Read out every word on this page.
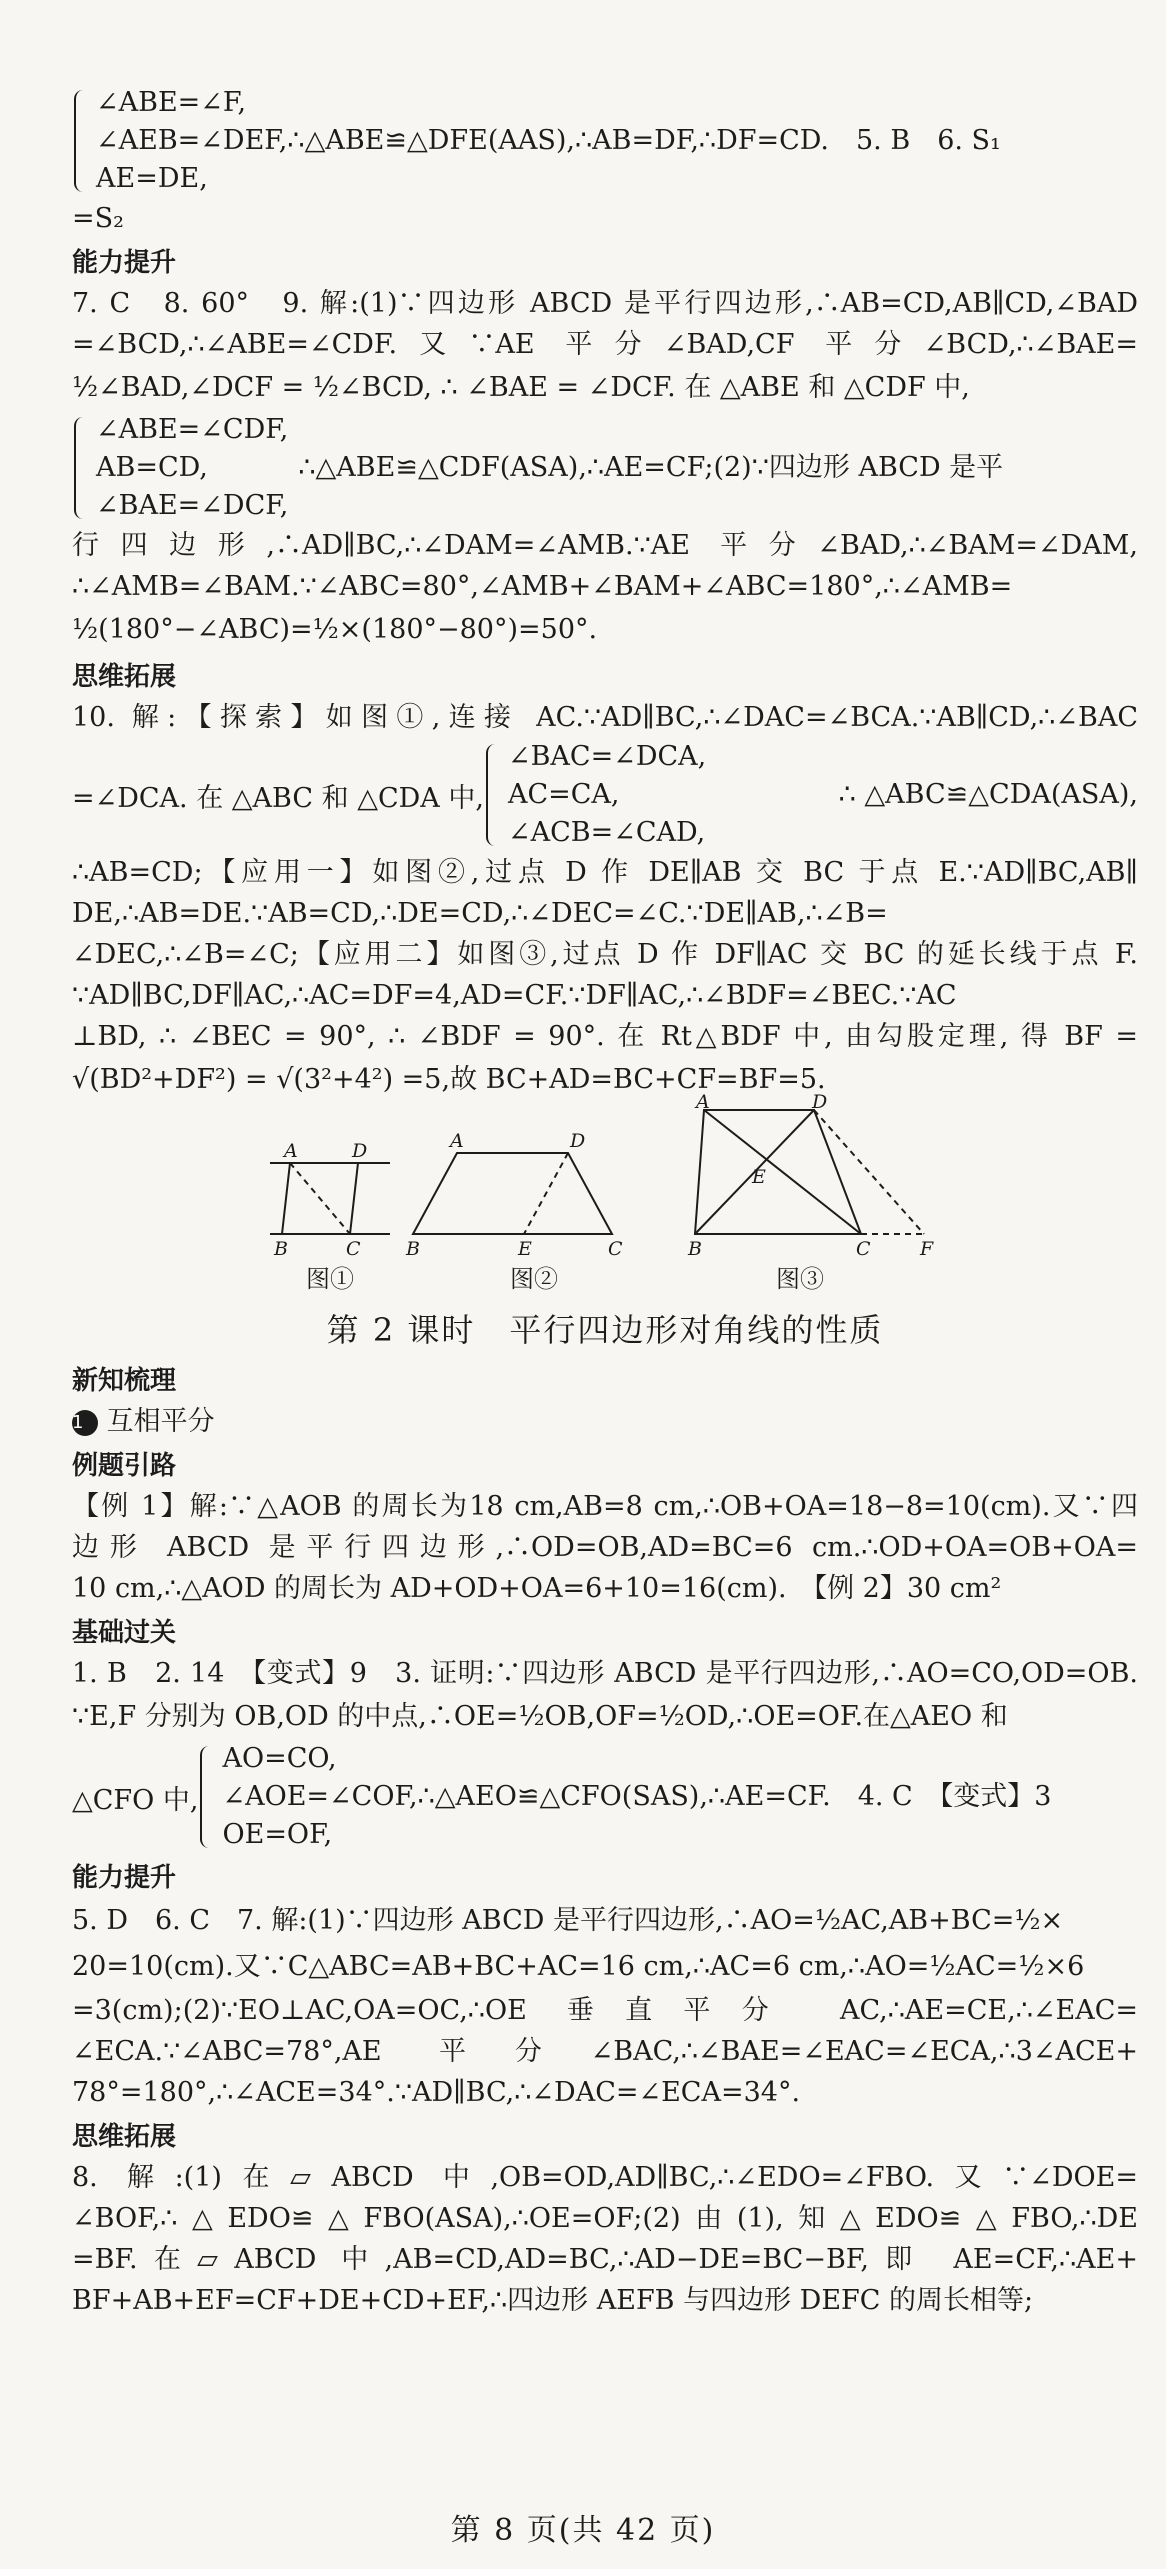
∠ABE=∠F,
∠AEB=∠DEF,∴△ABE≌△DFE(AAS),∴AB=DF,∴DF=CD.　5. B　6. S₁
AE=DE,
=S₂
能力提升
7. C　8. 60°　9. 解:(1)∵四边形 ABCD 是平行四边形,∴AB=CD,AB∥CD,∠BAD
=∠BCD,∴∠ABE=∠CDF.又∵AE 平分∠BAD,CF 平分∠BCD,∴∠BAE=
½∠BAD,∠DCF = ½∠BCD, ∴ ∠BAE = ∠DCF. 在 △ABE 和 △CDF 中,
∠ABE=∠CDF,
AB=CD,
∠BAE=∠DCF,
∴△ABE≌△CDF(ASA),∴AE=CF;(2)∵四边形 ABCD 是平
行四边形,∴AD∥BC,∴∠DAM=∠AMB.∵AE 平分∠BAD,∴∠BAM=∠DAM,
∴∠AMB=∠BAM.∵∠ABC=80°,∠AMB+∠BAM+∠ABC=180°,∴∠AMB=
½(180°−∠ABC)=½×(180°−80°)=50°.
思维拓展
10. 解:【探索】如图①,连接 AC.∵AD∥BC,∴∠DAC=∠BCA.∵AB∥CD,∴∠BAC
=∠DCA. 在 △ABC 和 △CDA 中,
∠BAC=∠DCA,
AC=CA,
∠ACB=∠CAD,
∴ △ABC≌△CDA(ASA),
∴AB=CD;【应用一】如图②,过点 D 作 DE∥AB 交 BC 于点 E.∵AD∥BC,AB∥
DE,∴AB=DE.∵AB=CD,∴DE=CD,∴∠DEC=∠C.∵DE∥AB,∴∠B=
∠DEC,∴∠B=∠C;【应用二】如图③,过点 D 作 DF∥AC 交 BC 的延长线于点 F.
∵AD∥BC,DF∥AC,∴AC=DF=4,AD=CF.∵DF∥AC,∴∠BDF=∠BEC.∵AC
⊥BD, ∴ ∠BEC = 90°, ∴ ∠BDF = 90°. 在 Rt△BDF 中, 由勾股定理, 得 BF =
√(BD²+DF²) = √(3²+4²) =5,故 BC+AD=BC+CF=BF=5.
A	D
B	C
A	D
B	E	C
A	D
E
B	C	F
图①	图②	图③
第 2 课时　平行四边形对角线的性质
新知梳理
1 互相平分
例题引路
【例 1】解:∵△AOB 的周长为18 cm,AB=8 cm,∴OB+OA=18−8=10(cm).又∵四
边形 ABCD 是平行四边形,∴OD=OB,AD=BC=6 cm.∴OD+OA=OB+OA=
10 cm,∴△AOD 的周长为 AD+OD+OA=6+10=16(cm).　【例 2】30 cm²
基础过关
1. B　2. 14　【变式】9　3. 证明:∵四边形 ABCD 是平行四边形,∴AO=CO,OD=OB.
∵E,F 分别为 OB,OD 的中点,∴OE=½OB,OF=½OD,∴OE=OF.在△AEO 和
△CFO 中,
AO=CO,
∠AOE=∠COF,∴△AEO≌△CFO(SAS),∴AE=CF.　4. C　【变式】3
OE=OF,
能力提升
5. D　6. C　7. 解:(1)∵四边形 ABCD 是平行四边形,∴AO=½AC,AB+BC=½×
20=10(cm).又∵C△ABC=AB+BC+AC=16 cm,∴AC=6 cm,∴AO=½AC=½×6
=3(cm);(2)∵EO⊥AC,OA=OC,∴OE 垂直平分 AC,∴AE=CE,∴∠EAC=
∠ECA.∵∠ABC=78°,AE 平分∠BAC,∴∠BAE=∠EAC=∠ECA,∴3∠ACE+
78°=180°,∴∠ACE=34°.∵AD∥BC,∴∠DAC=∠ECA=34°.
思维拓展
8. 解:(1)在▱ABCD 中,OB=OD,AD∥BC,∴∠EDO=∠FBO.又∵∠DOE=
∠BOF,∴△EDO≌△FBO(ASA),∴OE=OF;(2)由(1),知△EDO≌△FBO,∴DE
=BF.在▱ABCD 中,AB=CD,AD=BC,∴AD−DE=BC−BF,即 AE=CF,∴AE+
BF+AB+EF=CF+DE+CD+EF,∴四边形 AEFB 与四边形 DEFC 的周长相等;
第 8 页(共 42 页)
